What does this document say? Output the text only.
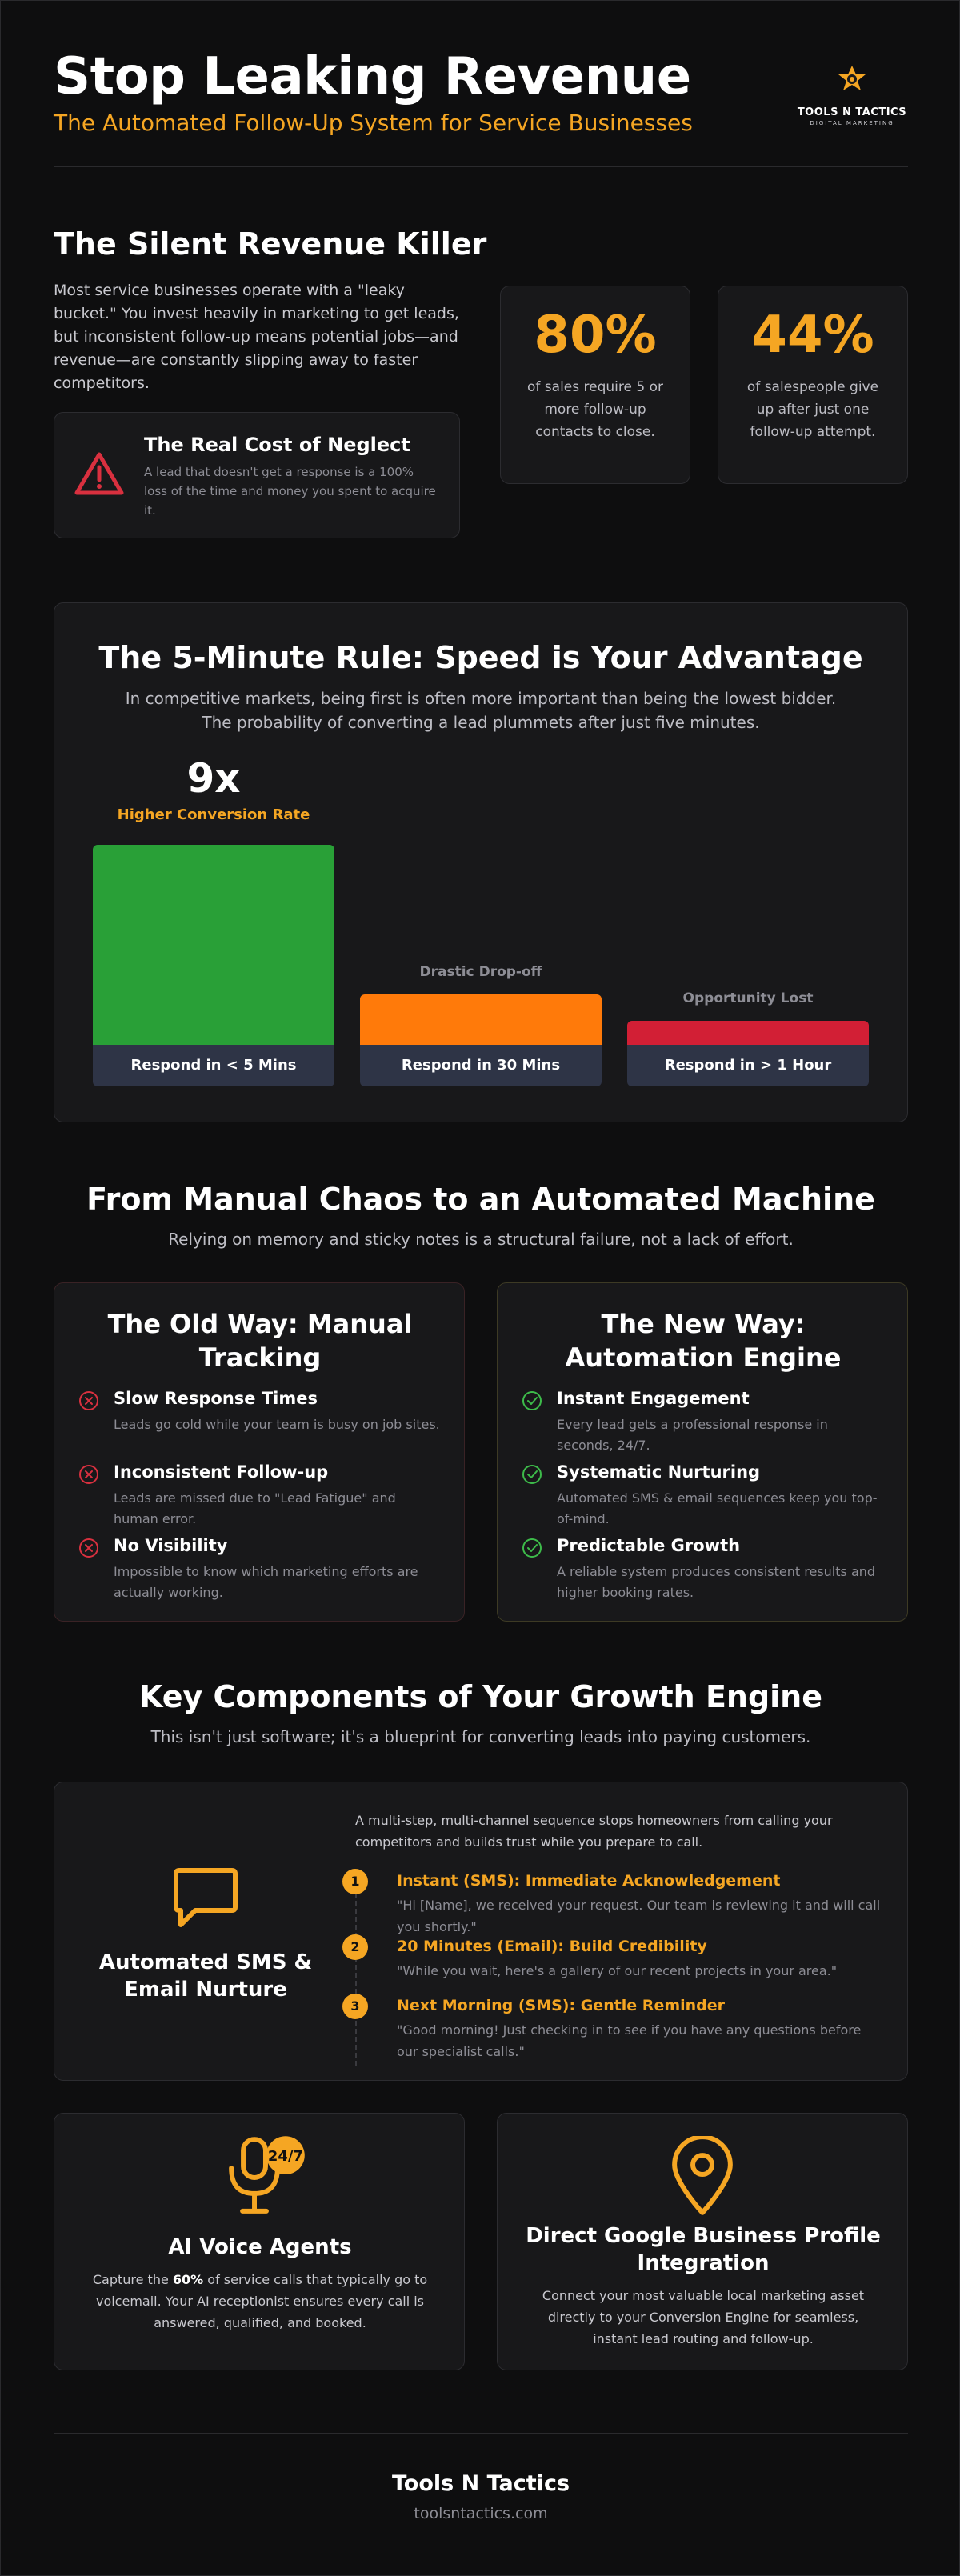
Stop Leaking Revenue
The Automated Follow-Up System for Service Businesses	TOOLS N TACTICS
DIGITAL MARKETING
The Silent Revenue Killer
Most service businesses operate with a "leaky bucket." You invest heavily in marketing to get leads, but inconsistent follow-up means potential jobs—and revenue—are constantly slipping away to faster competitors.
The Real Cost of Neglect
A lead that doesn't get a response is a 100% loss of the time and money you spent to acquire it.
80%
of sales require 5 or more follow-up contacts to close.
44%
of salespeople give up after just one follow-up attempt.
The 5-Minute Rule: Speed is Your Advantage
In competitive markets, being first is often more important than being the lowest bidder.
The probability of converting a lead plummets after just five minutes.
9x
Higher Conversion Rate
Respond in < 5 Mins
Drastic Drop-off
Respond in 30 Mins
Opportunity Lost
Respond in > 1 Hour
From Manual Chaos to an Automated Machine
Relying on memory and sticky notes is a structural failure, not a lack of effort.
The Old Way: Manual Tracking
Slow Response Times
Leads go cold while your team is busy on job sites.
Inconsistent Follow-up
Leads are missed due to "Lead Fatigue" and human error.
No Visibility
Impossible to know which marketing efforts are actually working.
The New Way: Automation Engine
Instant Engagement
Every lead gets a professional response in seconds, 24/7.
Systematic Nurturing
Automated SMS & email sequences keep you top-of-mind.
Predictable Growth
A reliable system produces consistent results and higher booking rates.
Key Components of Your Growth Engine
This isn't just software; it's a blueprint for converting leads into paying customers.
Automated SMS & Email Nurture
A multi-step, multi-channel sequence stops homeowners from calling your competitors and builds trust while you prepare to call.
1	Instant (SMS): Immediate Acknowledgement
"Hi [Name], we received your request. Our team is reviewing it and will call you shortly."
2	20 Minutes (Email): Build Credibility
"While you wait, here's a gallery of our recent projects in your area."
3	Next Morning (SMS): Gentle Reminder
"Good morning! Just checking in to see if you have any questions before our specialist calls."
24/7
AI Voice Agents
Capture the 60% of service calls that typically go to voicemail. Your AI receptionist ensures every call is answered, qualified, and booked.
Direct Google Business Profile Integration
Connect your most valuable local marketing asset directly to your Conversion Engine for seamless, instant lead routing and follow-up.
Tools N Tactics
toolsntactics.com
